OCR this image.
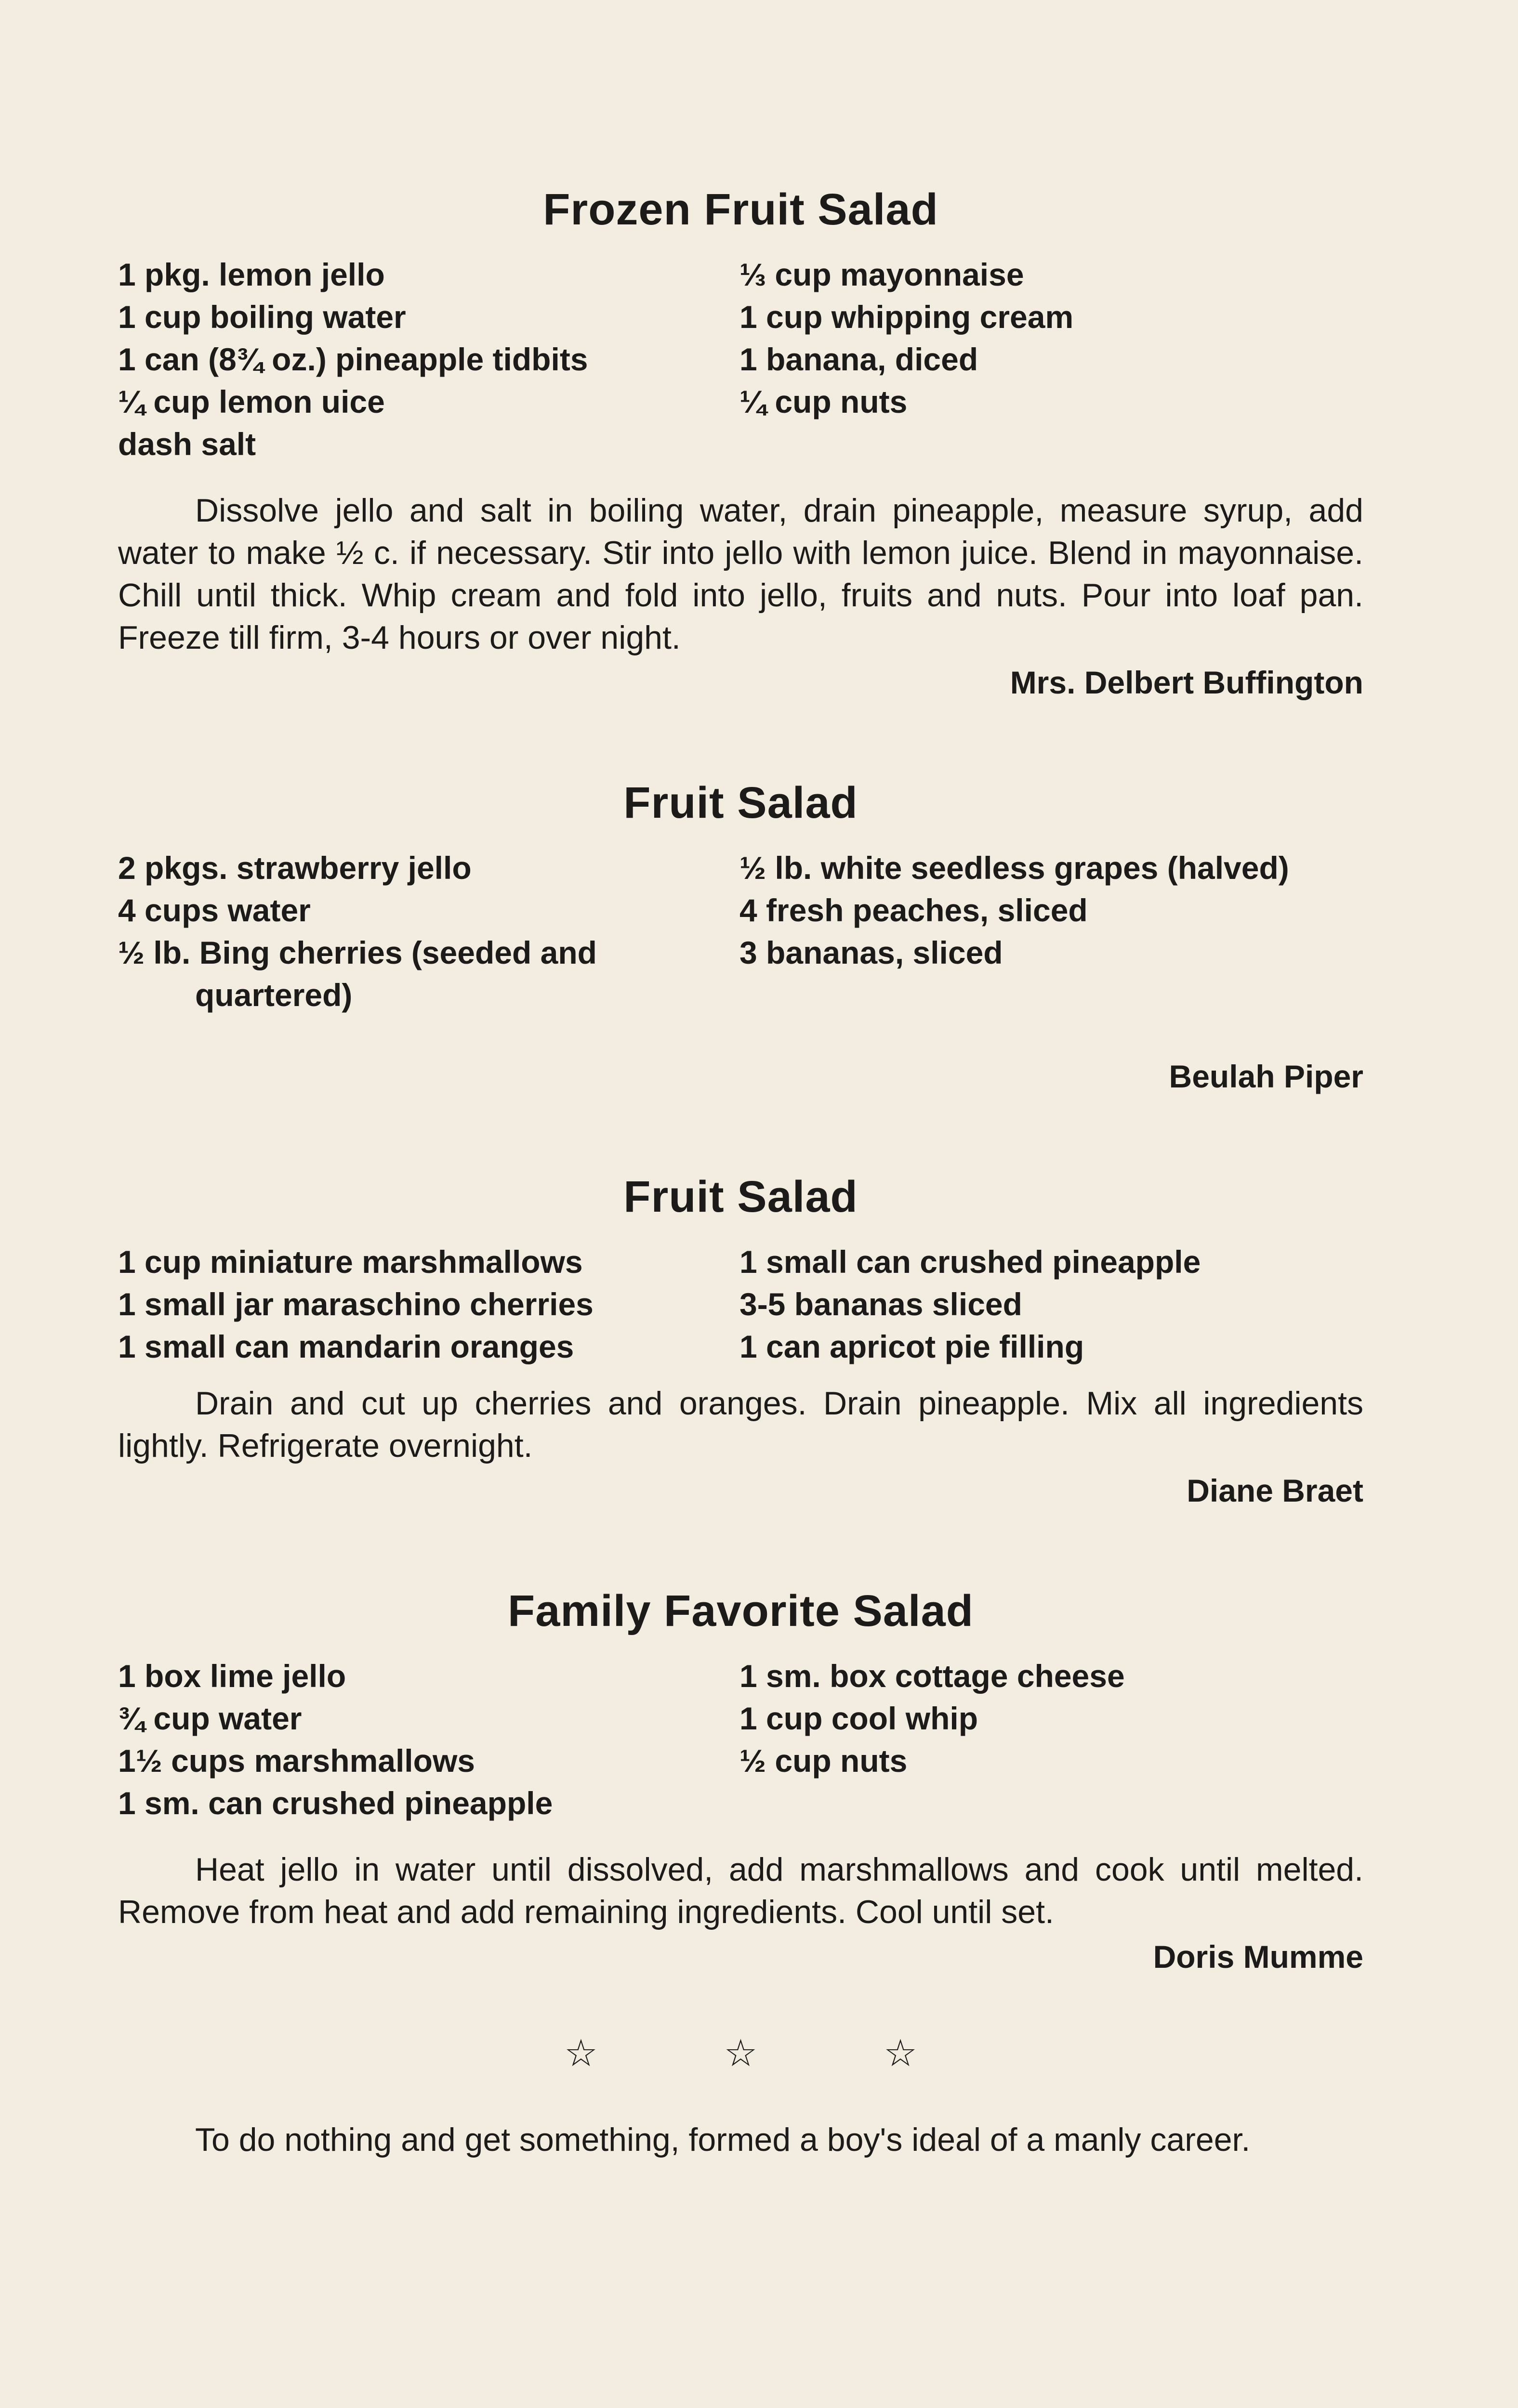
Frozen Fruit Salad
1 pkg. lemon jello
1 cup boiling water
1 can (8¾ oz.) pineapple tidbits
¼ cup lemon uice
dash salt
⅓ cup mayonnaise
1 cup whipping cream
1 banana, diced
¼ cup nuts

Dissolve jello and salt in boiling water, drain pineapple, measure syrup, add water to make ½ c. if necessary. Stir into jello with lemon juice. Blend in mayonnaise. Chill until thick. Whip cream and fold into jello, fruits and nuts. Pour into loaf pan. Freeze till firm, 3-4 hours or over night.

Mrs. Delbert Buffington
Fruit Salad
2 pkgs. strawberry jello
4 cups water
½ lb. Bing cherries (seeded and quartered)
½ lb. white seedless grapes (halved)
4 fresh peaches, sliced
3 bananas, sliced
Beulah Piper
Fruit Salad
1 cup miniature marshmallows
1 small jar maraschino cherries
1 small can mandarin oranges
1 small can crushed pineapple
3-5 bananas sliced
1 can apricot pie filling

Drain and cut up cherries and oranges. Drain pineapple. Mix all ingredients lightly. Refrigerate overnight.

Diane Braet
Family Favorite Salad
1 box lime jello
¾ cup water
1½ cups marshmallows
1 sm. can crushed pineapple
1 sm. box cottage cheese
1 cup cool whip
½ cup nuts

Heat jello in water until dissolved, add marshmallows and cook until melted. Remove from heat and add remaining ingredients. Cool until set.

Doris Mumme
☆ ☆ ☆

To do nothing and get something, formed a boy's ideal of a manly career.
